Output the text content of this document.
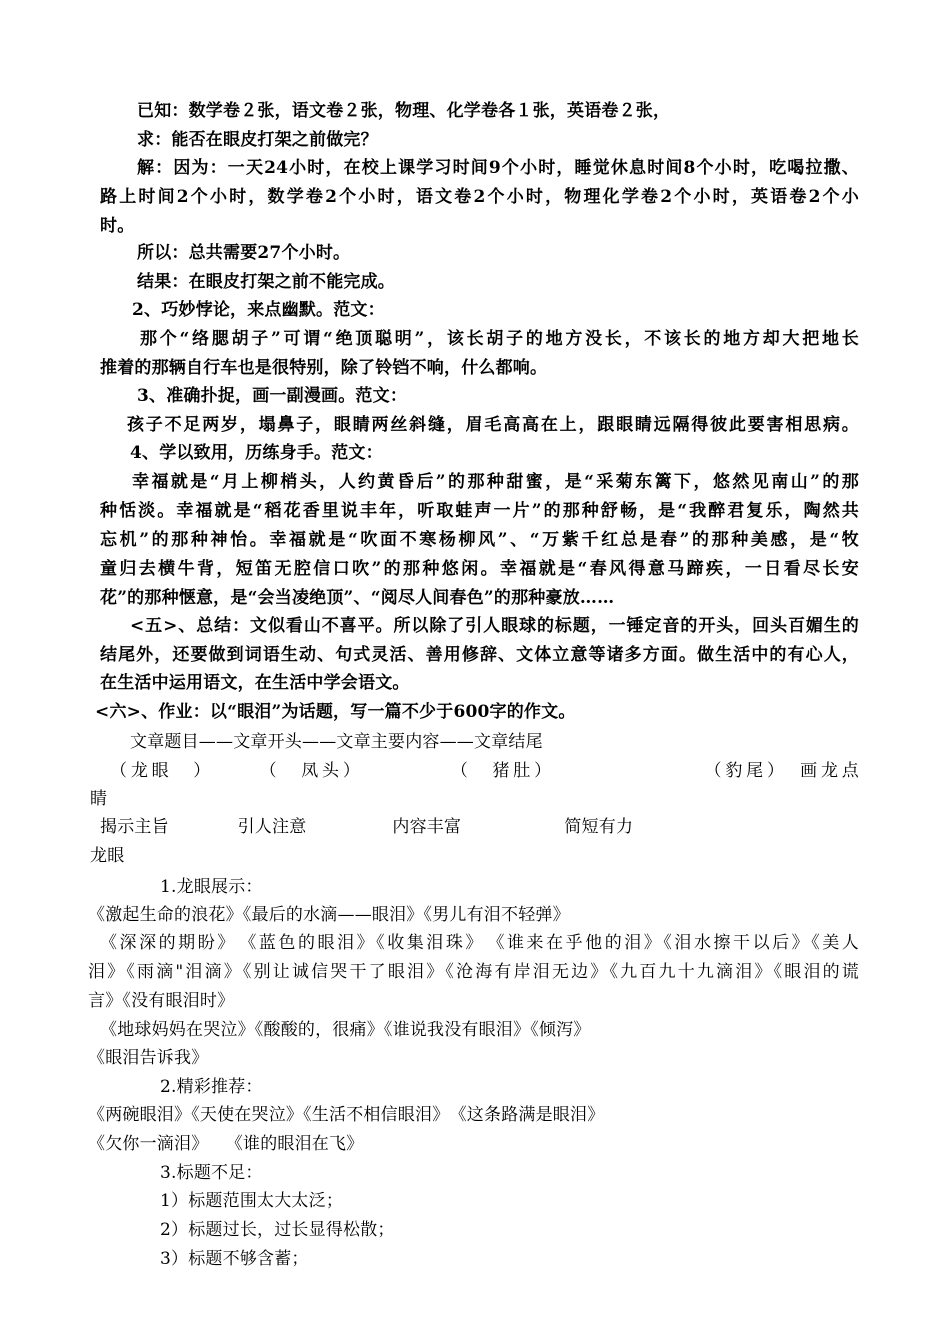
已知：数学卷２张，语文卷２张，物理、化学卷各１张，英语卷２张，
求：能否在眼皮打架之前做完？
解：因为：一天24小时，在校上课学习时间9个小时，睡觉休息时间8个小时，吃喝拉撒、
路上时间2个小时，数学卷2个小时，语文卷2个小时，物理化学卷2个小时，英语卷2个小
时。
所以：总共需要27个小时。
结果：在眼皮打架之前不能完成。
2、巧妙悖论，来点幽默。范文：
那个“络腮胡子”可谓“绝顶聪明”，该长胡子的地方没长，不该长的地方却大把地长
推着的那辆自行车也是很特别，除了铃铛不响，什么都响。
3、准确扑捉，画一副漫画。范文：
孩子不足两岁，塌鼻子，眼睛两丝斜缝，眉毛高高在上，跟眼睛远隔得彼此要害相思病。
4、学以致用，历练身手。范文：
幸福就是“月上柳梢头，人约黄昏后”的那种甜蜜，是“采菊东篱下，悠然见南山”的那
种恬淡。幸福就是“稻花香里说丰年，听取蛙声一片”的那种舒畅，是“我醉君复乐，陶然共
忘机”的那种神怡。幸福就是“吹面不寒杨柳风”、“万紫千红总是春”的那种美感，是“牧
童归去横牛背，短笛无腔信口吹”的那种悠闲。幸福就是“春风得意马蹄疾，一日看尽长安
花”的那种惬意，是“会当凌绝顶”、“阅尽人间春色”的那种豪放……
<五>、总结：文似看山不喜平。所以除了引人眼球的标题，一锤定音的开头，回头百媚生的
结尾外，还要做到词语生动、句式灵活、善用修辞、文体立意等诸多方面。做生活中的有心人，
在生活中运用语文，在生活中学会语文。
<六>、作业：以“眼泪”为话题，写一篇不少于600字的作文。
文章题目——文章开头——文章主要内容——文章结尾
（龙眼　）　　　（　凤头）　　　　　（　猪肚）　　　　　　　　（豹尾）　画龙点
睛
揭示主旨　　　　引人注意　　　　　内容丰富　　　　　　简短有力
龙眼
1.龙眼展示：
《激起生命的浪花》《最后的水滴——眼泪》《男儿有泪不轻弹》
《深深的期盼》　《蓝色的眼泪》《收集泪珠》　《谁来在乎他的泪》《泪水擦干以后》《美人
泪》《雨滴"泪滴》《别让诚信哭干了眼泪》《沧海有岸泪无边》《九百九十九滴泪》《眼泪的谎
言》《没有眼泪时》
《地球妈妈在哭泣》《酸酸的，很痛》《谁说我没有眼泪》《倾泻》
《眼泪告诉我》
2.精彩推荐：
《两碗眼泪》《天使在哭泣》《生活不相信眼泪》　《这条路满是眼泪》
《欠你一滴泪》　　《谁的眼泪在飞》
3.标题不足：
1）标题范围太大太泛；
2）标题过长，过长显得松散；
3）标题不够含蓄；
